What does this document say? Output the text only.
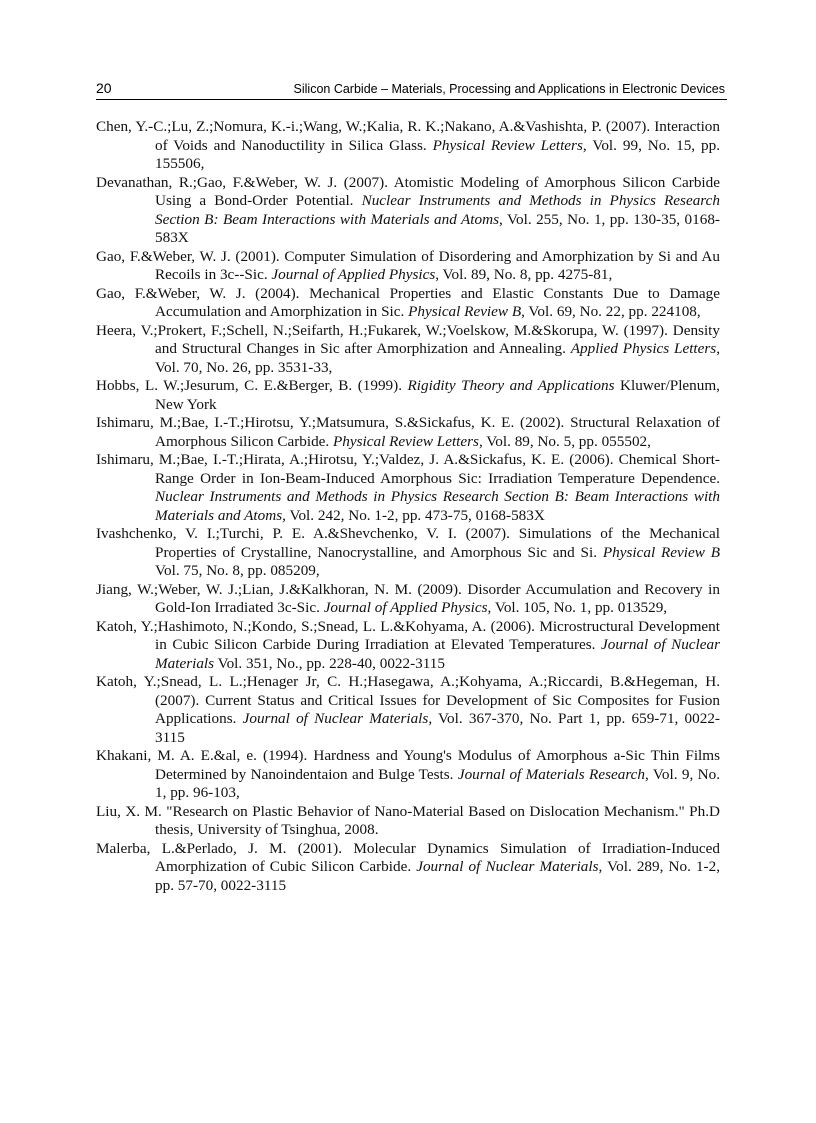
20	Silicon Carbide – Materials, Processing and Applications in Electronic Devices

Chen, Y.-C.;Lu, Z.;Nomura, K.-i.;Wang, W.;Kalia, R. K.;Nakano, A.&Vashishta, P. (2007). Interaction of Voids and Nanoductility in Silica Glass. Physical Review Letters, Vol. 99, No. 15, pp. 155506,

Devanathan, R.;Gao, F.&Weber, W. J. (2007). Atomistic Modeling of Amorphous Silicon Carbide Using a Bond-Order Potential. Nuclear Instruments and Methods in Physics Research Section B: Beam Interactions with Materials and Atoms, Vol. 255, No. 1, pp. 130-35, 0168-583X

Gao, F.&Weber, W. J. (2001). Computer Simulation of Disordering and Amorphization by Si and Au Recoils in 3c--Sic. Journal of Applied Physics, Vol. 89, No. 8, pp. 4275-81,

Gao, F.&Weber, W. J. (2004). Mechanical Properties and Elastic Constants Due to Damage Accumulation and Amorphization in Sic. Physical Review B, Vol. 69, No. 22, pp. 224108,

Heera, V.;Prokert, F.;Schell, N.;Seifarth, H.;Fukarek, W.;Voelskow, M.&Skorupa, W. (1997). Density and Structural Changes in Sic after Amorphization and Annealing. Applied Physics Letters, Vol. 70, No. 26, pp. 3531-33,

Hobbs, L. W.;Jesurum, C. E.&Berger, B. (1999). Rigidity Theory and Applications Kluwer/Plenum, New York

Ishimaru, M.;Bae, I.-T.;Hirotsu, Y.;Matsumura, S.&Sickafus, K. E. (2002). Structural Relaxation of Amorphous Silicon Carbide. Physical Review Letters, Vol. 89, No. 5, pp. 055502,

Ishimaru, M.;Bae, I.-T.;Hirata, A.;Hirotsu, Y.;Valdez, J. A.&Sickafus, K. E. (2006). Chemical Short-Range Order in Ion-Beam-Induced Amorphous Sic: Irradiation Temperature Dependence. Nuclear Instruments and Methods in Physics Research Section B: Beam Interactions with Materials and Atoms, Vol. 242, No. 1-2, pp. 473-75, 0168-583X

Ivashchenko, V. I.;Turchi, P. E. A.&Shevchenko, V. I. (2007). Simulations of the Mechanical Properties of Crystalline, Nanocrystalline, and Amorphous Sic and Si. Physical Review B Vol. 75, No. 8, pp. 085209,

Jiang, W.;Weber, W. J.;Lian, J.&Kalkhoran, N. M. (2009). Disorder Accumulation and Recovery in Gold-Ion Irradiated 3c-Sic. Journal of Applied Physics, Vol. 105, No. 1, pp. 013529,

Katoh, Y.;Hashimoto, N.;Kondo, S.;Snead, L. L.&Kohyama, A. (2006). Microstructural Development in Cubic Silicon Carbide During Irradiation at Elevated Temperatures. Journal of Nuclear Materials Vol. 351, No., pp. 228-40, 0022-3115

Katoh, Y.;Snead, L. L.;Henager Jr, C. H.;Hasegawa, A.;Kohyama, A.;Riccardi, B.&Hegeman, H. (2007). Current Status and Critical Issues for Development of Sic Composites for Fusion Applications. Journal of Nuclear Materials, Vol. 367-370, No. Part 1, pp. 659-71, 0022-3115

Khakani, M. A. E.&al, e. (1994). Hardness and Young's Modulus of Amorphous a-Sic Thin Films Determined by Nanoindentaion and Bulge Tests. Journal of Materials Research, Vol. 9, No. 1, pp. 96-103,

Liu, X. M. "Research on Plastic Behavior of Nano-Material Based on Dislocation Mechanism." Ph.D thesis, University of Tsinghua, 2008.

Malerba, L.&Perlado, J. M. (2001). Molecular Dynamics Simulation of Irradiation-Induced Amorphization of Cubic Silicon Carbide. Journal of Nuclear Materials, Vol. 289, No. 1-2, pp. 57-70, 0022-3115
